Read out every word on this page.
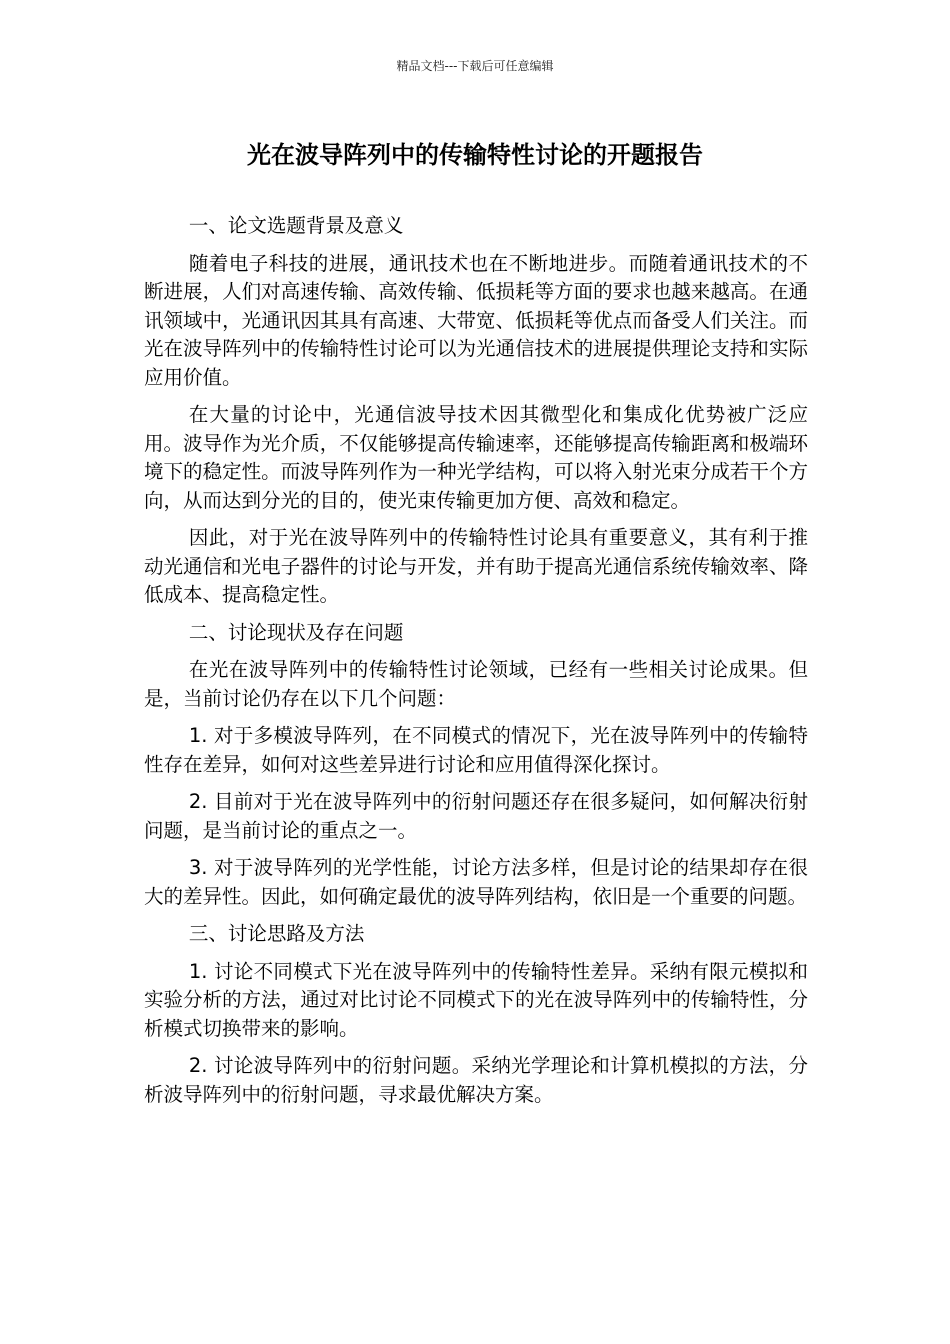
精品文档---下载后可任意编辑
光在波导阵列中的传输特性讨论的开题报告

一、论文选题背景及意义

随着电子科技的进展，通讯技术也在不断地进步。而随着通讯技术的不断进展，人们对高速传输、高效传输、低损耗等方面的要求也越来越高。在通讯领域中，光通讯因其具有高速、大带宽、低损耗等优点而备受人们关注。而光在波导阵列中的传输特性讨论可以为光通信技术的进展提供理论支持和实际应用价值。

在大量的讨论中，光通信波导技术因其微型化和集成化优势被广泛应用。波导作为光介质，不仅能够提高传输速率，还能够提高传输距离和极端环境下的稳定性。而波导阵列作为一种光学结构，可以将入射光束分成若干个方向，从而达到分光的目的，使光束传输更加方便、高效和稳定。

因此，对于光在波导阵列中的传输特性讨论具有重要意义，其有利于推动光通信和光电子器件的讨论与开发，并有助于提高光通信系统传输效率、降低成本、提高稳定性。

二、讨论现状及存在问题

在光在波导阵列中的传输特性讨论领域，已经有一些相关讨论成果。但是，当前讨论仍存在以下几个问题：

1. 对于多模波导阵列，在不同模式的情况下，光在波导阵列中的传输特性存在差异，如何对这些差异进行讨论和应用值得深化探讨。

2. 目前对于光在波导阵列中的衍射问题还存在很多疑问，如何解决衍射问题，是当前讨论的重点之一。

3. 对于波导阵列的光学性能，讨论方法多样，但是讨论的结果却存在很大的差异性。因此，如何确定最优的波导阵列结构，依旧是一个重要的问题。

三、讨论思路及方法

1. 讨论不同模式下光在波导阵列中的传输特性差异。采纳有限元模拟和实验分析的方法，通过对比讨论不同模式下的光在波导阵列中的传输特性，分析模式切换带来的影响。

2. 讨论波导阵列中的衍射问题。采纳光学理论和计算机模拟的方法，分析波导阵列中的衍射问题，寻求最优解决方案。
